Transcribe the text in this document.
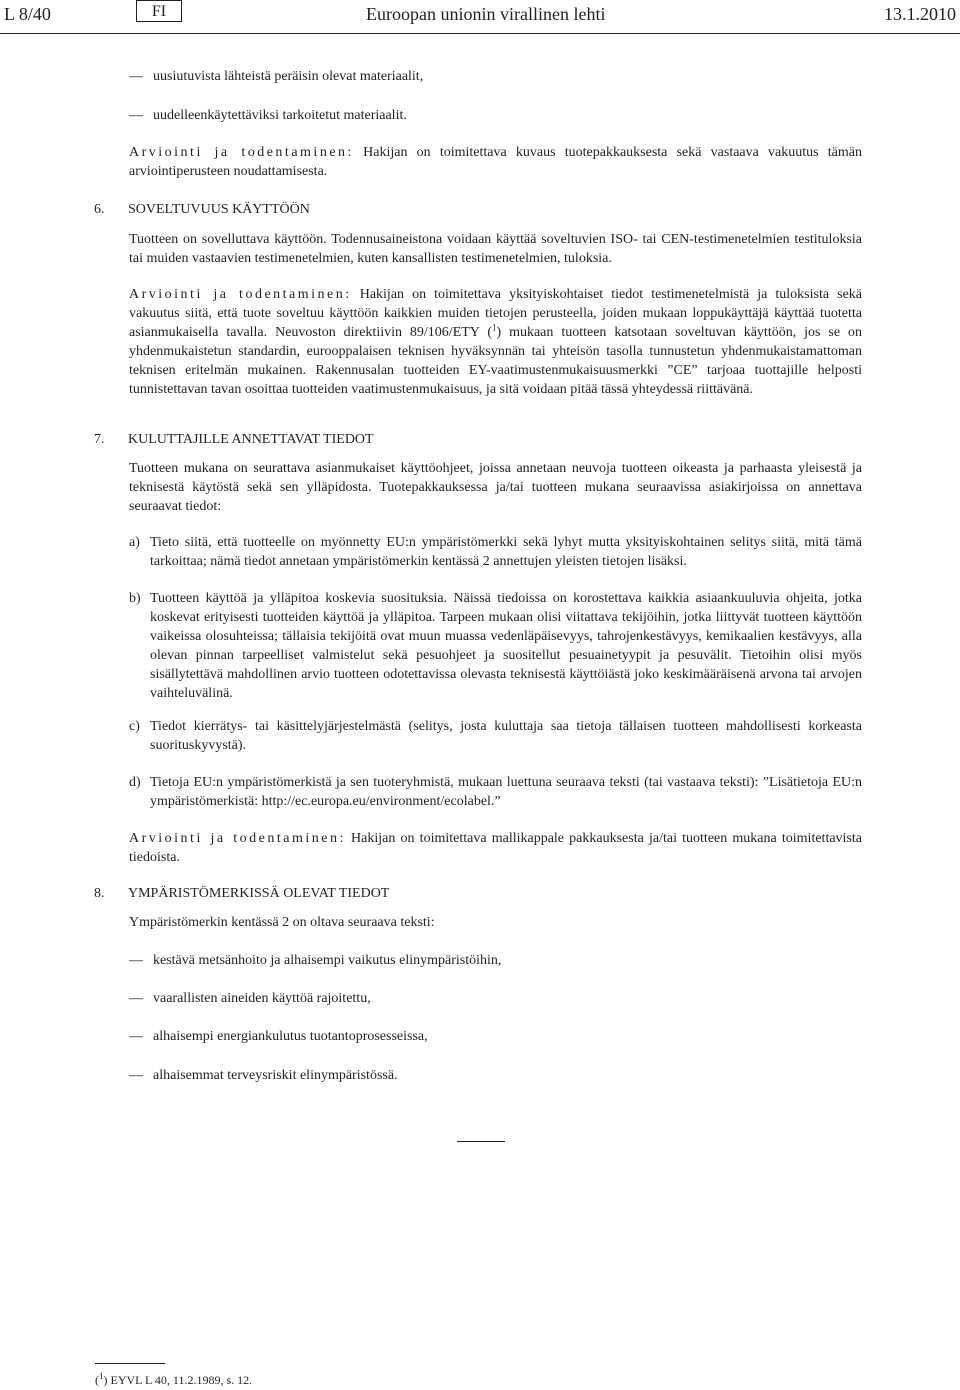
L 8/40	FI	Euroopan unionin virallinen lehti	13.1.2010
— uusiutuvista lähteistä peräisin olevat materiaalit,
— uudelleenkäytettäviksi tarkoitetut materiaalit.

Arviointi ja todentaminen: Hakijan on toimitettava kuvaus tuotepakkauksesta sekä vastaava vakuutus tämän arviointiperusteen noudattamisesta.

6. SOVELTUVUUS KÄYTTÖÖN

Tuotteen on sovelluttava käyttöön. Todennusaineistona voidaan käyttää soveltuvien ISO- tai CEN-testimenetelmien testituloksia tai muiden vastaavien testimenetelmien, kuten kansallisten testimenetelmien, tuloksia.

Arviointi ja todentaminen: Hakijan on toimitettava yksityiskohtaiset tiedot testimenetelmistä ja tuloksista sekä vakuutus siitä, että tuote soveltuu käyttöön kaikkien muiden tietojen perusteella, joiden mukaan loppukäyttäjä käyttää tuotetta asianmukaisella tavalla. Neuvoston direktiivin 89/106/ETY ($^1$) mukaan tuotteen katsotaan soveltuvan käyttöön, jos se on yhdenmukaistetun standardin, eurooppalaisen teknisen hyväksynnän tai yhteisön tasolla tunnustetun yhdenmukaistamattoman teknisen eritelmän mukainen. Rakennusalan tuotteiden EY-vaatimustenmukaisuusmerkki ”CE” tarjoaa tuottajille helposti tunnistettavan tavan osoittaa tuotteiden vaatimustenmukaisuus, ja sitä voidaan pitää tässä yhteydessä riittävänä.

7. KULUTTAJILLE ANNETTAVAT TIEDOT

Tuotteen mukana on seurattava asianmukaiset käyttöohjeet, joissa annetaan neuvoja tuotteen oikeasta ja parhaasta yleisestä ja teknisestä käytöstä sekä sen ylläpidosta. Tuotepakkauksessa ja/tai tuotteen mukana seuraavissa asiakirjoissa on annettava seuraavat tiedot:

a) Tieto siitä, että tuotteelle on myönnetty EU:n ympäristömerkki sekä lyhyt mutta yksityiskohtainen selitys siitä, mitä tämä tarkoittaa; nämä tiedot annetaan ympäristömerkin kentässä 2 annettujen yleisten tietojen lisäksi.

b) Tuotteen käyttöä ja ylläpitoa koskevia suosituksia. Näissä tiedoissa on korostettava kaikkia asiaankuuluvia ohjeita, jotka koskevat erityisesti tuotteiden käyttöä ja ylläpitoa. Tarpeen mukaan olisi viitattava tekijöihin, jotka liittyvät tuotteen käyttöön vaikeissa olosuhteissa; tällaisia tekijöitä ovat muun muassa vedenläpäisevyys, tahrojenkestävyys, kemikaalien kestävyys, alla olevan pinnan tarpeelliset valmistelut sekä pesuohjeet ja suositellut pesuainetyypit ja pesuvälit. Tietoihin olisi myös sisällytettävä mahdollinen arvio tuotteen odotettavissa olevasta teknisestä käyttöiästä joko keskimääräisenä arvona tai arvojen vaihteluvälinä.

c) Tiedot kierrätys- tai käsittelyjärjestelmästä (selitys, josta kuluttaja saa tietoja tällaisen tuotteen mahdollisesti korkeasta suorituskyvystä).

d) Tietoja EU:n ympäristömerkistä ja sen tuoteryhmistä, mukaan luettuna seuraava teksti (tai vastaava teksti): ”Lisätietoja EU:n ympäristömerkistä: http://ec.europa.eu/environment/ecolabel.”

Arviointi ja todentaminen: Hakijan on toimitettava mallikappale pakkauksesta ja/tai tuotteen mukana toimitettavista tiedoista.

8. YMPÄRISTÖMERKISSÄ OLEVAT TIEDOT

Ympäristömerkin kentässä 2 on oltava seuraava teksti:

— kestävä metsänhoito ja alhaisempi vaikutus elinympäristöihin,
— vaarallisten aineiden käyttöä rajoitettu,
— alhaisempi energiankulutus tuotantoprosesseissa,
— alhaisemmat terveysriskit elinympäristössä.
($^1$) EYVL L 40, 11.2.1989, s. 12.
